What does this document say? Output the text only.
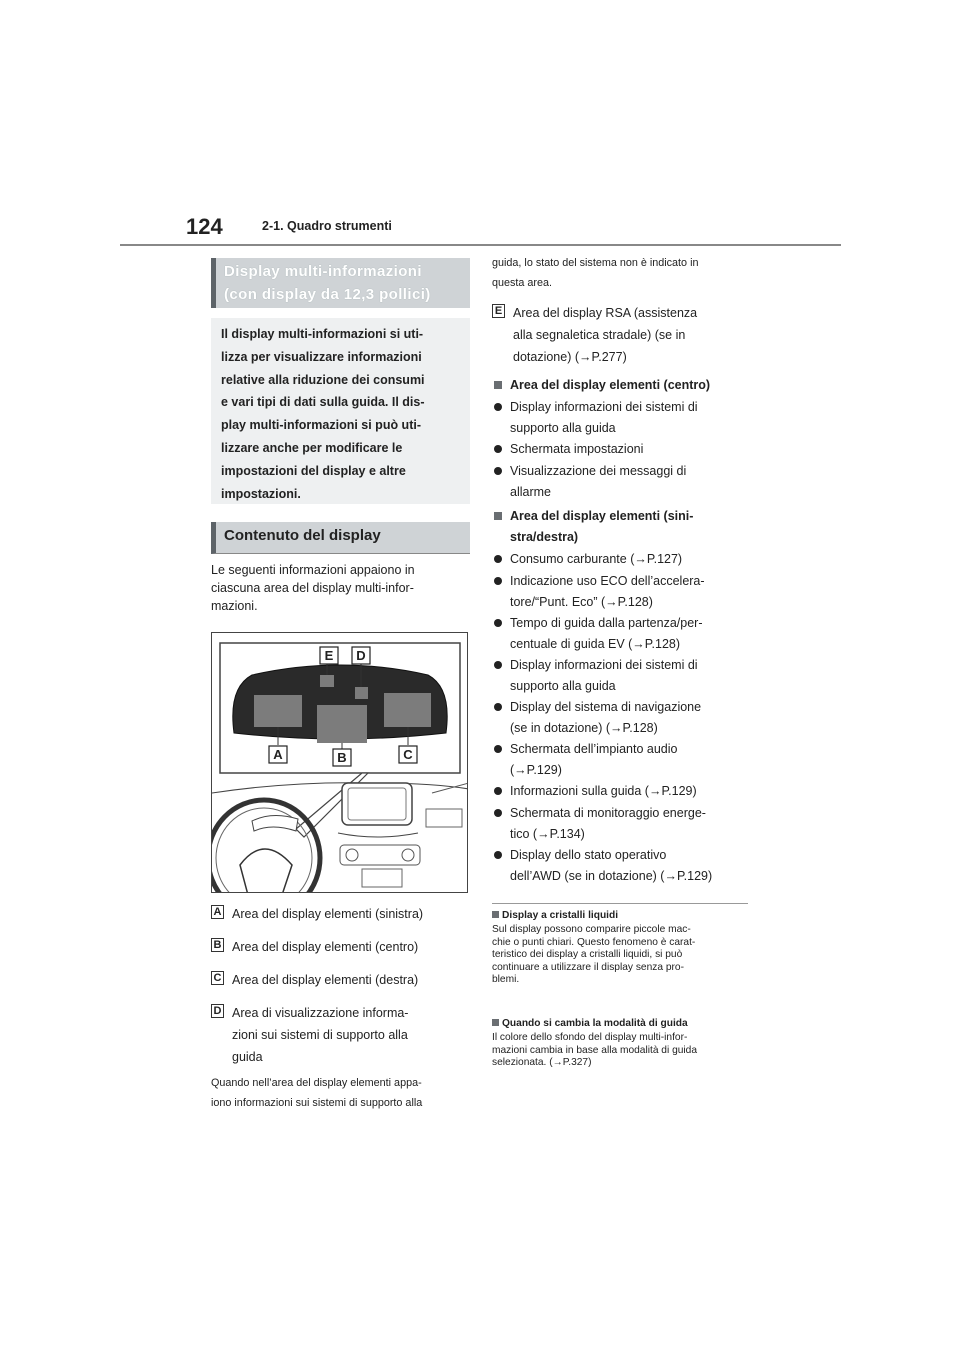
124	2-1. Quadro strumenti
Display multi-informazioni
(con display da 12,3 pollici)

Il display multi-informazioni si uti-

lizza per visualizzare informazioni

relative alla riduzione dei consumi

e vari tipi di dati sulla guida. Il dis-

play multi-informazioni si può uti-

lizzare anche per modificare le

impostazioni del display e altre

impostazioni.

Contenuto del display
Le seguenti informazioni appaiono in
ciascuna area del display multi-infor-
mazioni.
E D
A	B	C
A Area del display elementi (sinistra)
B Area del display elementi (centro)
C Area del display elementi (destra)
D Area di visualizzazione informa-
zioni sui sistemi di supporto alla
guida
Quando nell’area del display elementi appa-
iono informazioni sui sistemi di supporto alla
guida, lo stato del sistema non è indicato in
questa area.
E Area del display RSA (assistenza
alla segnaletica stradale) (se in
dotazione) (→P.277)
Area del display elementi (centro)
Display informazioni dei sistemi di
supporto alla guida
Schermata impostazioni
Visualizzazione dei messaggi di
allarme
Area del display elementi (sini-
stra/destra)
Consumo carburante (→P.127)
Indicazione uso ECO dell’accelera-
tore/“Punt. Eco” (→P.128)
Tempo di guida dalla partenza/per-
centuale di guida EV (→P.128)
Display informazioni dei sistemi di
supporto alla guida
Display del sistema di navigazione
(se in dotazione) (→P.128)
Schermata dell’impianto audio
(→P.129)
Informazioni sulla guida (→P.129)
Schermata di monitoraggio energe-
tico (→P.134)
Display dello stato operativo
dell’AWD (se in dotazione) (→P.129)
Display a cristalli liquidi
Sul display possono comparire piccole mac-
chie o punti chiari. Questo fenomeno è carat-
teristico dei display a cristalli liquidi, si può
continuare a utilizzare il display senza pro-
blemi.
Quando si cambia la modalità di guida
Il colore dello sfondo del display multi-infor-
mazioni cambia in base alla modalità di guida
selezionata. (→P.327)
